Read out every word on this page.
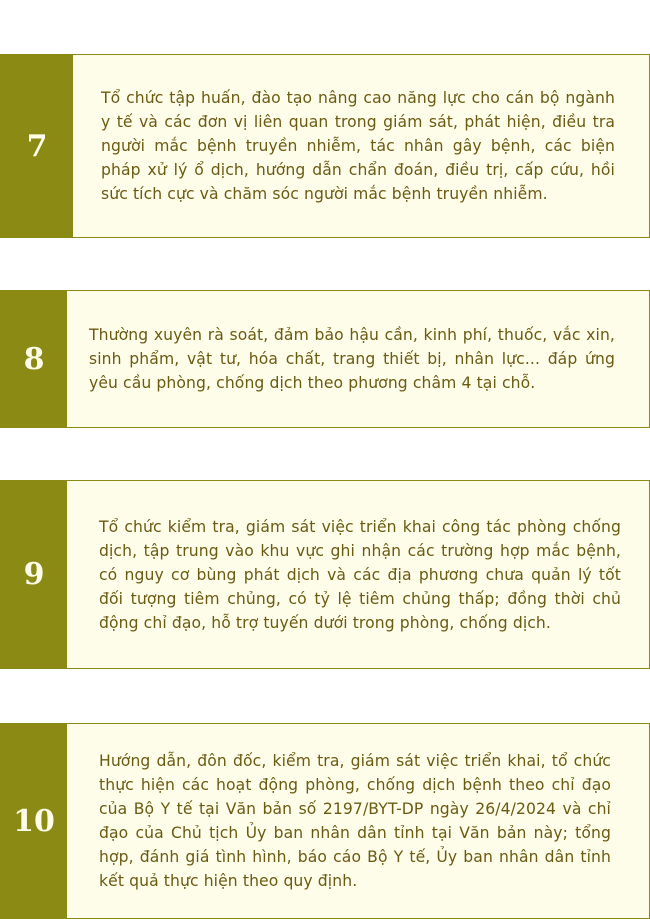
7
Tổ chức tập huấn, đào tạo nâng cao năng lực cho cán bộ ngành y tế và các đơn vị liên quan trong giám sát, phát hiện, điều tra người mắc bệnh truyền nhiễm, tác nhân gây bệnh, các biện pháp xử lý ổ dịch, hướng dẫn chẩn đoán, điều trị, cấp cứu, hồi sức tích cực và chăm sóc người mắc bệnh truyền nhiễm.
8
Thường xuyên rà soát, đảm bảo hậu cần, kinh phí, thuốc, vắc xin, sinh phẩm, vật tư, hóa chất, trang thiết bị, nhân lực... đáp ứng yêu cầu phòng, chống dịch theo phương châm 4 tại chỗ.
9
Tổ chức kiểm tra, giám sát việc triển khai công tác phòng chống dịch, tập trung vào khu vực ghi nhận các trường hợp mắc bệnh, có nguy cơ bùng phát dịch và các địa phương chưa quản lý tốt đối tượng tiêm chủng, có tỷ lệ tiêm chủng thấp; đồng thời chủ động chỉ đạo, hỗ trợ tuyến dưới trong phòng, chống dịch.
10
Hướng dẫn, đôn đốc, kiểm tra, giám sát việc triển khai, tổ chức thực hiện các hoạt động phòng, chống dịch bệnh theo chỉ đạo của Bộ Y tế tại Văn bản số 2197/BYT-DP ngày 26/4/2024 và chỉ đạo của Chủ tịch Ủy ban nhân dân tỉnh tại Văn bản này; tổng hợp, đánh giá tình hình, báo cáo Bộ Y tế, Ủy ban nhân dân tỉnh kết quả thực hiện theo quy định.
